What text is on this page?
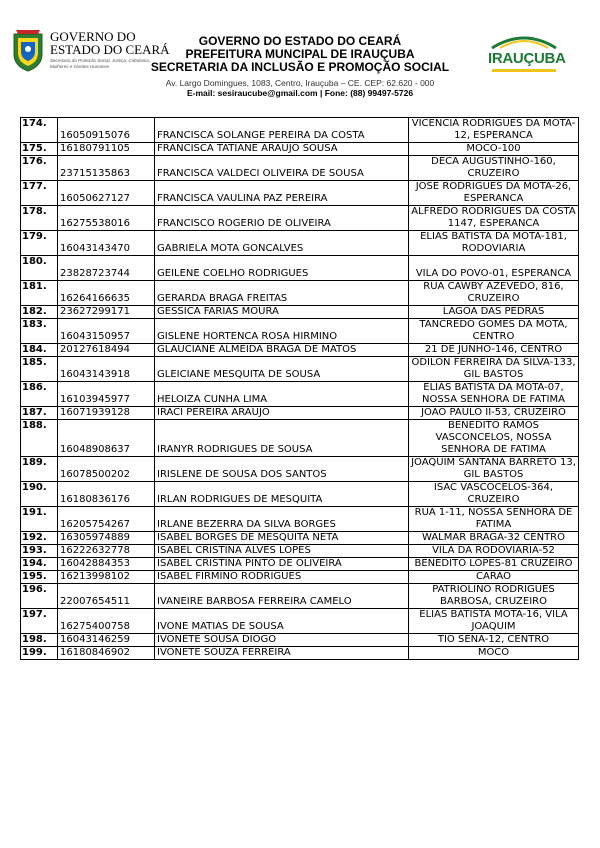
GOVERNO DO
ESTADO DO CEARÁ
Secretaria da Proteção Social, Justiça, Cidadania, Mulheres e Direitos Humanos
GOVERNO DO ESTADO DO CEARÁ
PREFEITURA MUNCIPAL DE IRAUÇUBA
SECRETARIA DA INCLUSÃO E PROMOÇÃO SOCIAL
Av. Largo Domingues, 1083, Centro, Irauçuba – CE. CEP: 62.620 - 000
E-mail: sesirauc​ube@gmail.com | Fone: (88) 99497-5726
IRAUÇUBA
174.	16050915076	FRANCISCA SOLANGE PEREIRA DA COSTA	VICENCIA RODRIGUES DA MOTA-12, ESPERANCA
175.	16180791105	FRANCISCA TATIANE ARAUJO SOUSA	MOCO-100
176.	23715135863	FRANCISCA VALDECI OLIVEIRA DE SOUSA	DECA AUGUSTINHO-160, CRUZEIRO
177.	16050627127	FRANCISCA VAULINA PAZ PEREIRA	JOSE RODRIGUES DA MOTA-26, ESPERANCA
178.	16275538016	FRANCISCO ROGERIO DE OLIVEIRA	ALFREDO RODRIGUES DA COSTA 1147, ESPERANCA
179.	16043143470	GABRIELA MOTA GONCALVES	ELIAS BATISTA DA MOTA-181, RODOVIARIA
180.	23828723744	GEILENE COELHO RODRIGUES	VILA DO POVO-01, ESPERANCA
181.	16264166635	GERARDA BRAGA FREITAS	RUA CAWBY AZEVEDO, 816, CRUZEIRO
182.	23627299171	GESSICA FARIAS MOURA	LAGOA DAS PEDRAS
183.	16043150957	GISLENE HORTENCA ROSA HIRMINO	TANCREDO GOMES DA MOTA, CENTRO
184.	20127618494	GLAUCIANE ALMEIDA BRAGA DE MATOS	21 DE JUNHO-146, CENTRO
185.	16043143918	GLEICIANE MESQUITA DE SOUSA	ODILON FERREIRA DA SILVA-133, GIL BASTOS
186.	16103945977	HELOIZA CUNHA LIMA	ELIAS BATISTA DA MOTA-07, NOSSA SENHORA DE FATIMA
187.	16071939128	IRACI PEREIRA ARAUJO	JOAO PAULO II-53, CRUZEIRO
188.	16048908637	IRANYR RODRIGUES DE SOUSA	BENEDITO RAMOS VASCONCELOS, NOSSA SENHORA DE FATIMA
189.	16078500202	IRISLENE DE SOUSA DOS SANTOS	JOAQUIM SANTANA BARRETO 13, GIL BASTOS
190.	16180836176	IRLAN RODRIGUES DE MESQUITA	ISAC VASCOCELOS-364, CRUZEIRO
191.	16205754267	IRLANE BEZERRA DA SILVA BORGES	RUA 1-11, NOSSA SENHORA DE FATIMA
192.	16305974889	ISABEL BORGES DE MESQUITA NETA	WALMAR BRAGA-32 CENTRO
193.	16222632778	ISABEL CRISTINA ALVES LOPES	VILA DA RODOVIARIA-52
194.	16042884353	ISABEL CRISTINA PINTO DE OLIVEIRA	BENEDITO LOPES-81 CRUZEIRO
195.	16213998102	ISABEL FIRMINO RODRIGUES	CARAO
196.	22007654511	IVANEIRE BARBOSA FERREIRA CAMELO	PATRIOLINO RODRIGUES BARBOSA, CRUZEIRO
197.	16275400758	IVONE MATIAS DE SOUSA	ELIAS BATISTA MOTA-16, VILA JOAQUIM
198.	16043146259	IVONETE SOUSA DIOGO	TIO SENA-12, CENTRO
199.	16180846902	IVONETE SOUZA FERREIRA	MOCO
